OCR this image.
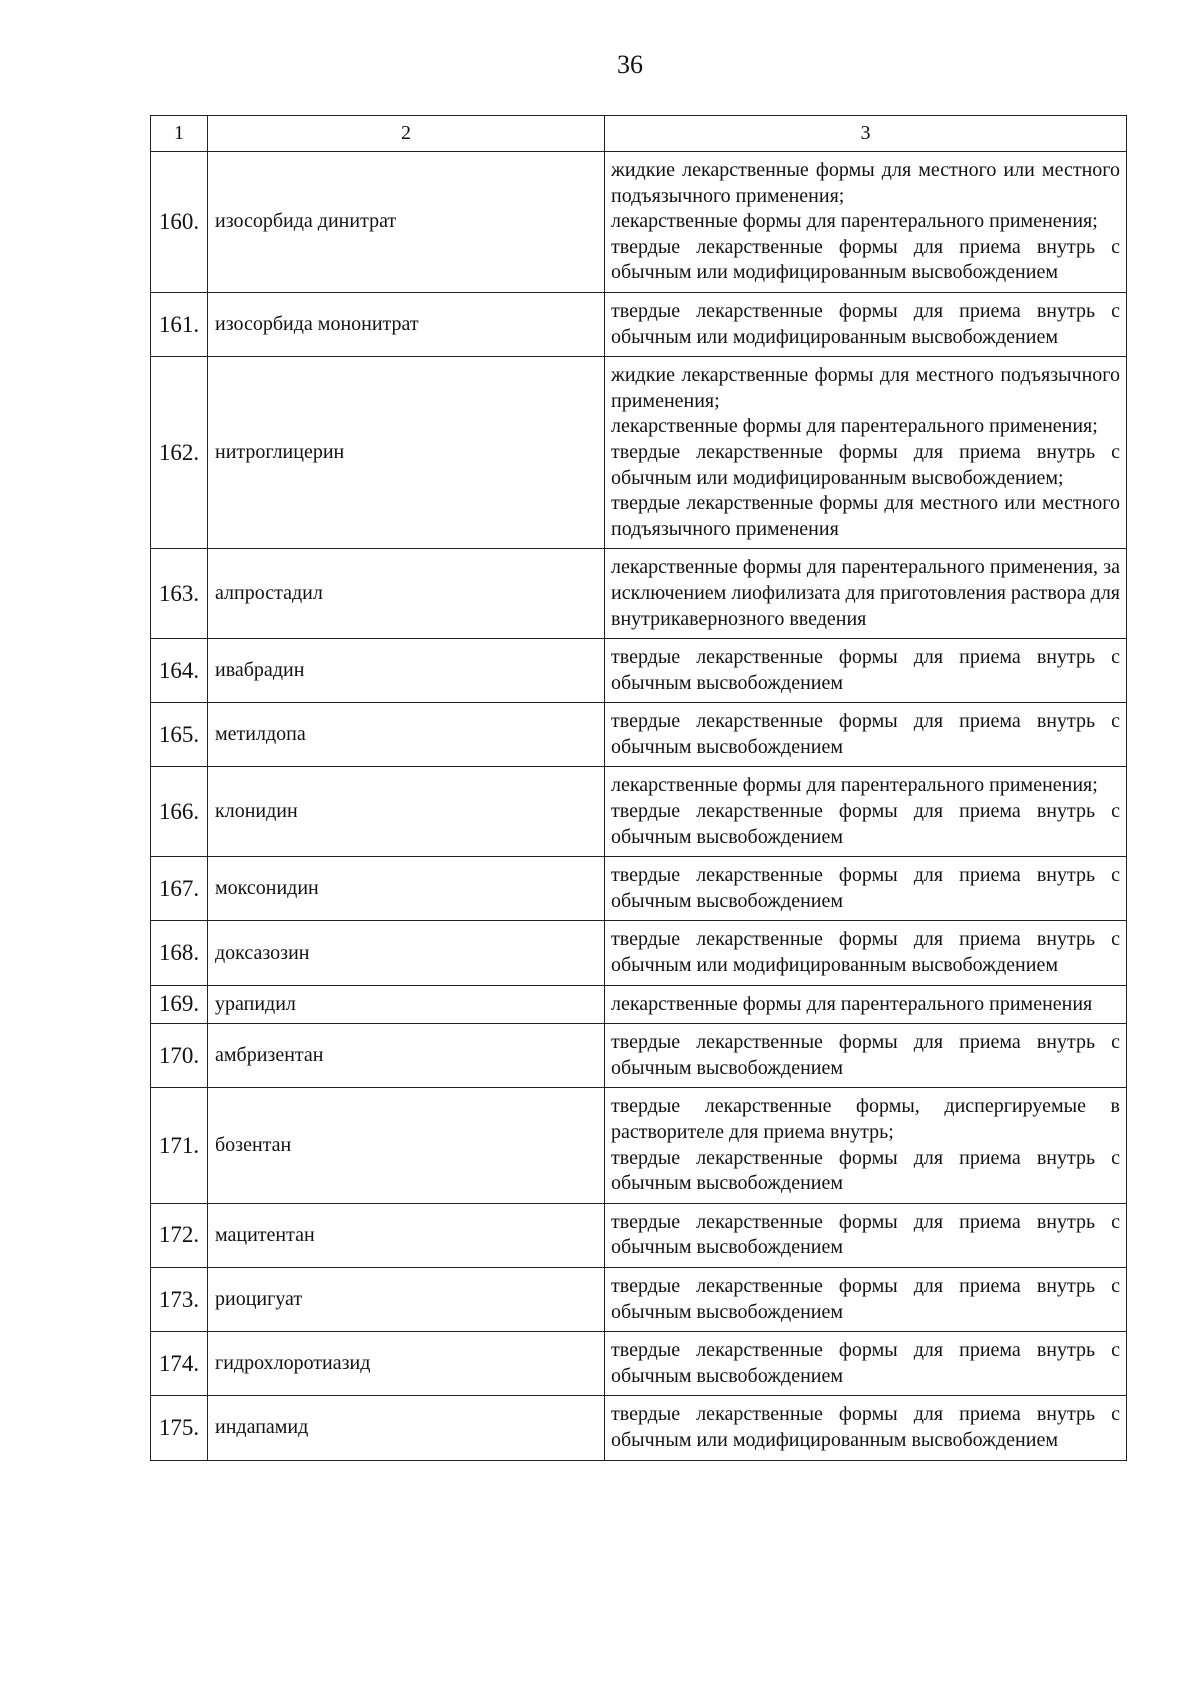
36
1	2	3
160.	изосорбида динитрат	жидкие лекарственные формы для местного или местного подъязычного применения;
лекарственные формы для парентерального применения;
твердые лекарственные формы для приема внутрь с обычным или модифицированным высвобождением

161.	изосорбида мононитрат	твердые лекарственные формы для приема внутрь с обычным или модифицированным высвобождением

162.	нитроглицерин	жидкие лекарственные формы для местного подъязычного применения;
лекарственные формы для парентерального применения;
твердые лекарственные формы для приема внутрь с обычным или модифицированным высвобождением;
твердые лекарственные формы для местного или местного подъязычного применения

163.	алпростадил	лекарственные формы для парентерального применения, за исключением лиофилизата для приготовления раствора для внутрикавернозного введения

164.	ивабрадин	твердые лекарственные формы для приема внутрь с обычным высвобождением

165.	метилдопа	твердые лекарственные формы для приема внутрь с обычным высвобождением

166.	клонидин	лекарственные формы для парентерального применения;
твердые лекарственные формы для приема внутрь с обычным высвобождением

167.	моксонидин	твердые лекарственные формы для приема внутрь с обычным высвобождением

168.	доксазозин	твердые лекарственные формы для приема внутрь с обычным или модифицированным высвобождением

169.	урапидил	лекарственные формы для парентерального применения

170.	амбризентан	твердые лекарственные формы для приема внутрь с обычным высвобождением

171.	бозентан	твердые лекарственные формы, диспергируемые в растворителе для приема внутрь;
твердые лекарственные формы для приема внутрь с обычным высвобождением

172.	мацитентан	твердые лекарственные формы для приема внутрь с обычным высвобождением

173.	риоцигуат	твердые лекарственные формы для приема внутрь с обычным высвобождением

174.	гидрохлоротиазид	твердые лекарственные формы для приема внутрь с обычным высвобождением

175.	индапамид	твердые лекарственные формы для приема внутрь с обычным или модифицированным высвобождением
